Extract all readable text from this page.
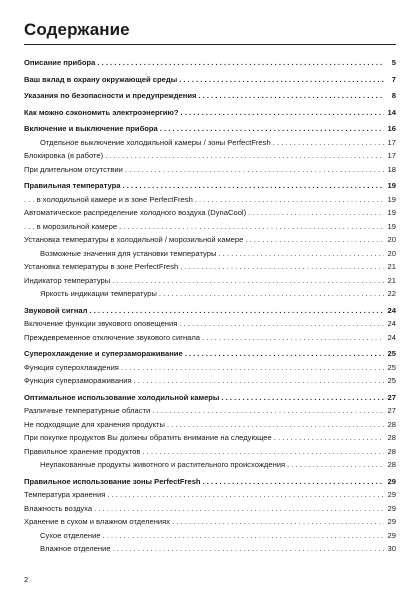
Содержание
Описание прибора . . .	5
Ваш вклад в охрану окружающей среды . . .	7
Указания по безопасности и предупреждения . . .	8
Как можно сэкономить электроэнергию? . . .	14
Включение и выключение прибора . . .	16
Отдельное выключение холодильной камеры / зоны PerfectFresh . . .	17
Блокировка (в работе) . . .	17
При длительном отсутствии . . .	18
Правильная температура . . .	19
. . . в холодильной камере и в зоне PerfectFresh . . .	19
Автоматическое распределение холодного воздуха (DynaCool) . . .	19
. . . в морозильной камере . . .	19
Установка температуры в холодильной / морозильной камере . . .	20
Возможные значения для установки температуры . . .	20
Установка температуры в зоне PerfectFresh . . .	21
Индикатор температуры . . .	21
Яркость индикации температуры . . .	22
Звуковой сигнал . . .	24
Включение функции звукового оповещения . . .	24
Преждевременное отключение звукового сигнала . . .	24
Суперохлаждение и суперзамораживание . . .	25
Функция суперохлаждения . . .	25
Функция суперзамораживания . . .	25
Оптимальное использование холодильной камеры . . .	27
Различные температурные области . . .	27
Не подходящие для хранения продукты . . .	28
При покупке продуктов Вы должны обратить внимание на следующее . . .	28
Правильное хранение продуктов . . .	28
Неупакованные продукты животного и растительного происхождения . . .	28
Правильное использование зоны PerfectFresh . . .	29
Температура хранения . . .	29
Влажность воздуха . . .	29
Хранение в сухом и влажном отделениях . . .	29
Сухое отделение . . .	29
Влажное отделение . . .	30
2
